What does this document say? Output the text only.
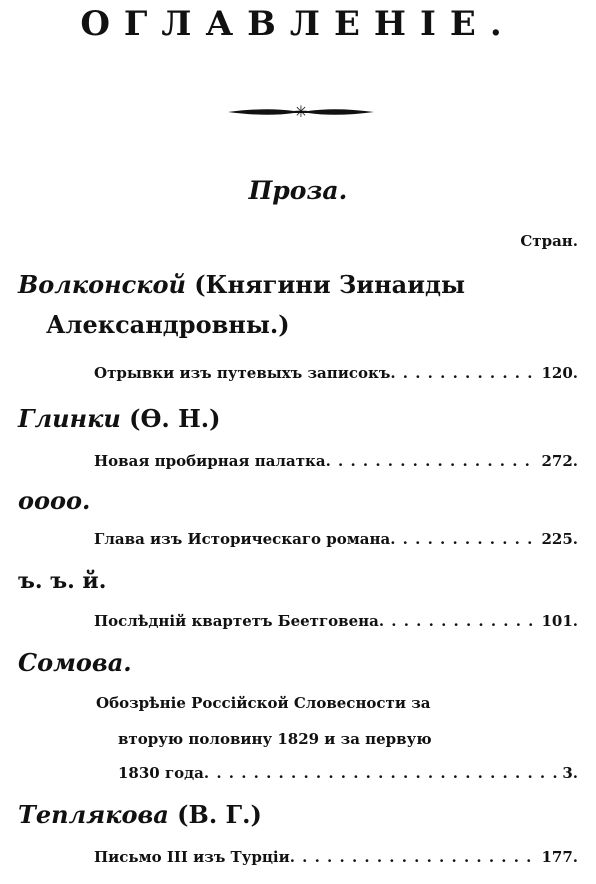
ОГЛАВЛЕНІЕ.
✳
Проза.
Стран.
Волконской (Княгини Зинаиды
Александровны.)
Отрывки изъ путевыхъ записокъ . . .	120.
Глинки (Ѳ. Н.)
Новая пробирная палатка . . .	272.
оооо.
Глава изъ Историческаго романа . . .	225.
ъ. ъ. й.
Послѣдній квартетъ Беетговена . . .	101.
Сомова.
Обозрѣніе Россійской Словесности за
вторую половину 1829 и за первую
1830 года . . .	3.
Теплякова (В. Г.)
Письмо III изъ Турціи . . .	177.
